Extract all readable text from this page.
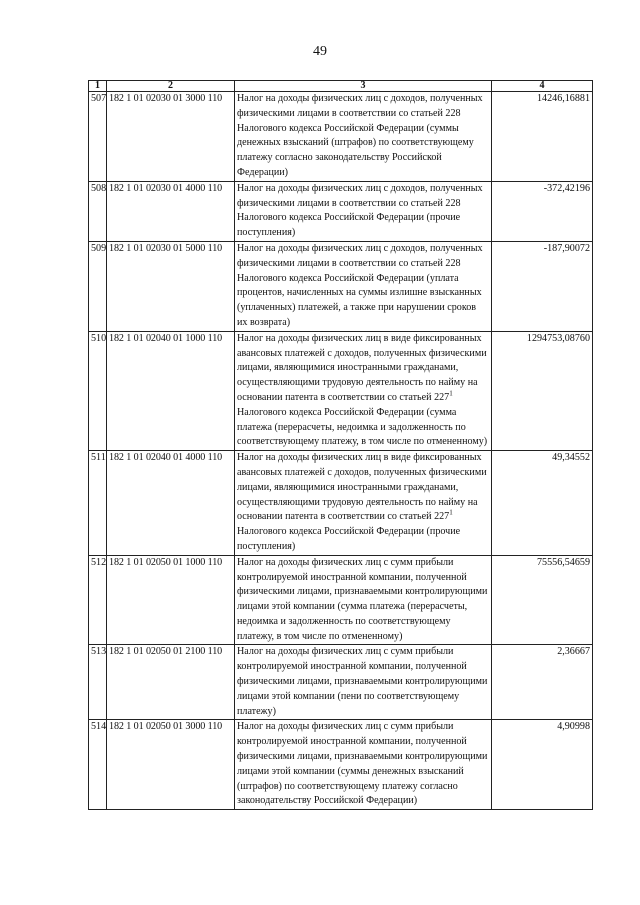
49
1	2	3	4
507	182 1 01 02030 01 3000 110	Налог на доходы физических лиц с доходов, полученных физическими лицами в соответствии со статьей 228 Налогового кодекса Российской Федерации (суммы денежных взысканий (штрафов) по соответствующему платежу согласно законодательству Российской Федерации)	14246,16881
508	182 1 01 02030 01 4000 110	Налог на доходы физических лиц с доходов, полученных физическими лицами в соответствии со статьей 228 Налогового кодекса Российской Федерации (прочие поступления)	-372,42196
509	182 1 01 02030 01 5000 110	Налог на доходы физических лиц с доходов, полученных физическими лицами в соответствии со статьей 228 Налогового кодекса Российской Федерации (уплата процентов, начисленных на суммы излишне взысканных (уплаченных) платежей, а также при нарушении сроков их возврата)	-187,90072
510	182 1 01 02040 01 1000 110	Налог на доходы физических лиц в виде фиксированных авансовых платежей с доходов, полученных физическими лицами, являющимися иностранными гражданами, осуществляющими трудовую деятельность по найму на основании патента в соответствии со статьей $227^1$ Налогового кодекса Российской Федерации (сумма платежа (перерасчеты, недоимка и задолженность по соответствующему платежу, в том числе по отмененному)	1294753,08760
511	182 1 01 02040 01 4000 110	Налог на доходы физических лиц в виде фиксированных авансовых платежей с доходов, полученных физическими лицами, являющимися иностранными гражданами, осуществляющими трудовую деятельность по найму на основании патента в соответствии со статьей $227^1$ Налогового кодекса Российской Федерации (прочие поступления)	49,34552
512	182 1 01 02050 01 1000 110	Налог на доходы физических лиц с сумм прибыли контролируемой иностранной компании, полученной физическими лицами, признаваемыми контролирующими лицами этой компании (сумма платежа (перерасчеты, недоимка и задолженность по соответствующему платежу, в том числе по отмененному)	75556,54659
513	182 1 01 02050 01 2100 110	Налог на доходы физических лиц с сумм прибыли контролируемой иностранной компании, полученной физическими лицами, признаваемыми контролирующими лицами этой компании (пени по соответствующему платежу)	2,36667
514	182 1 01 02050 01 3000 110	Налог на доходы физических лиц с сумм прибыли контролируемой иностранной компании, полученной физическими лицами, признаваемыми контролирующими лицами этой компании (суммы денежных взысканий (штрафов) по соответствующему платежу согласно законодательству Российской Федерации)	4,90998
